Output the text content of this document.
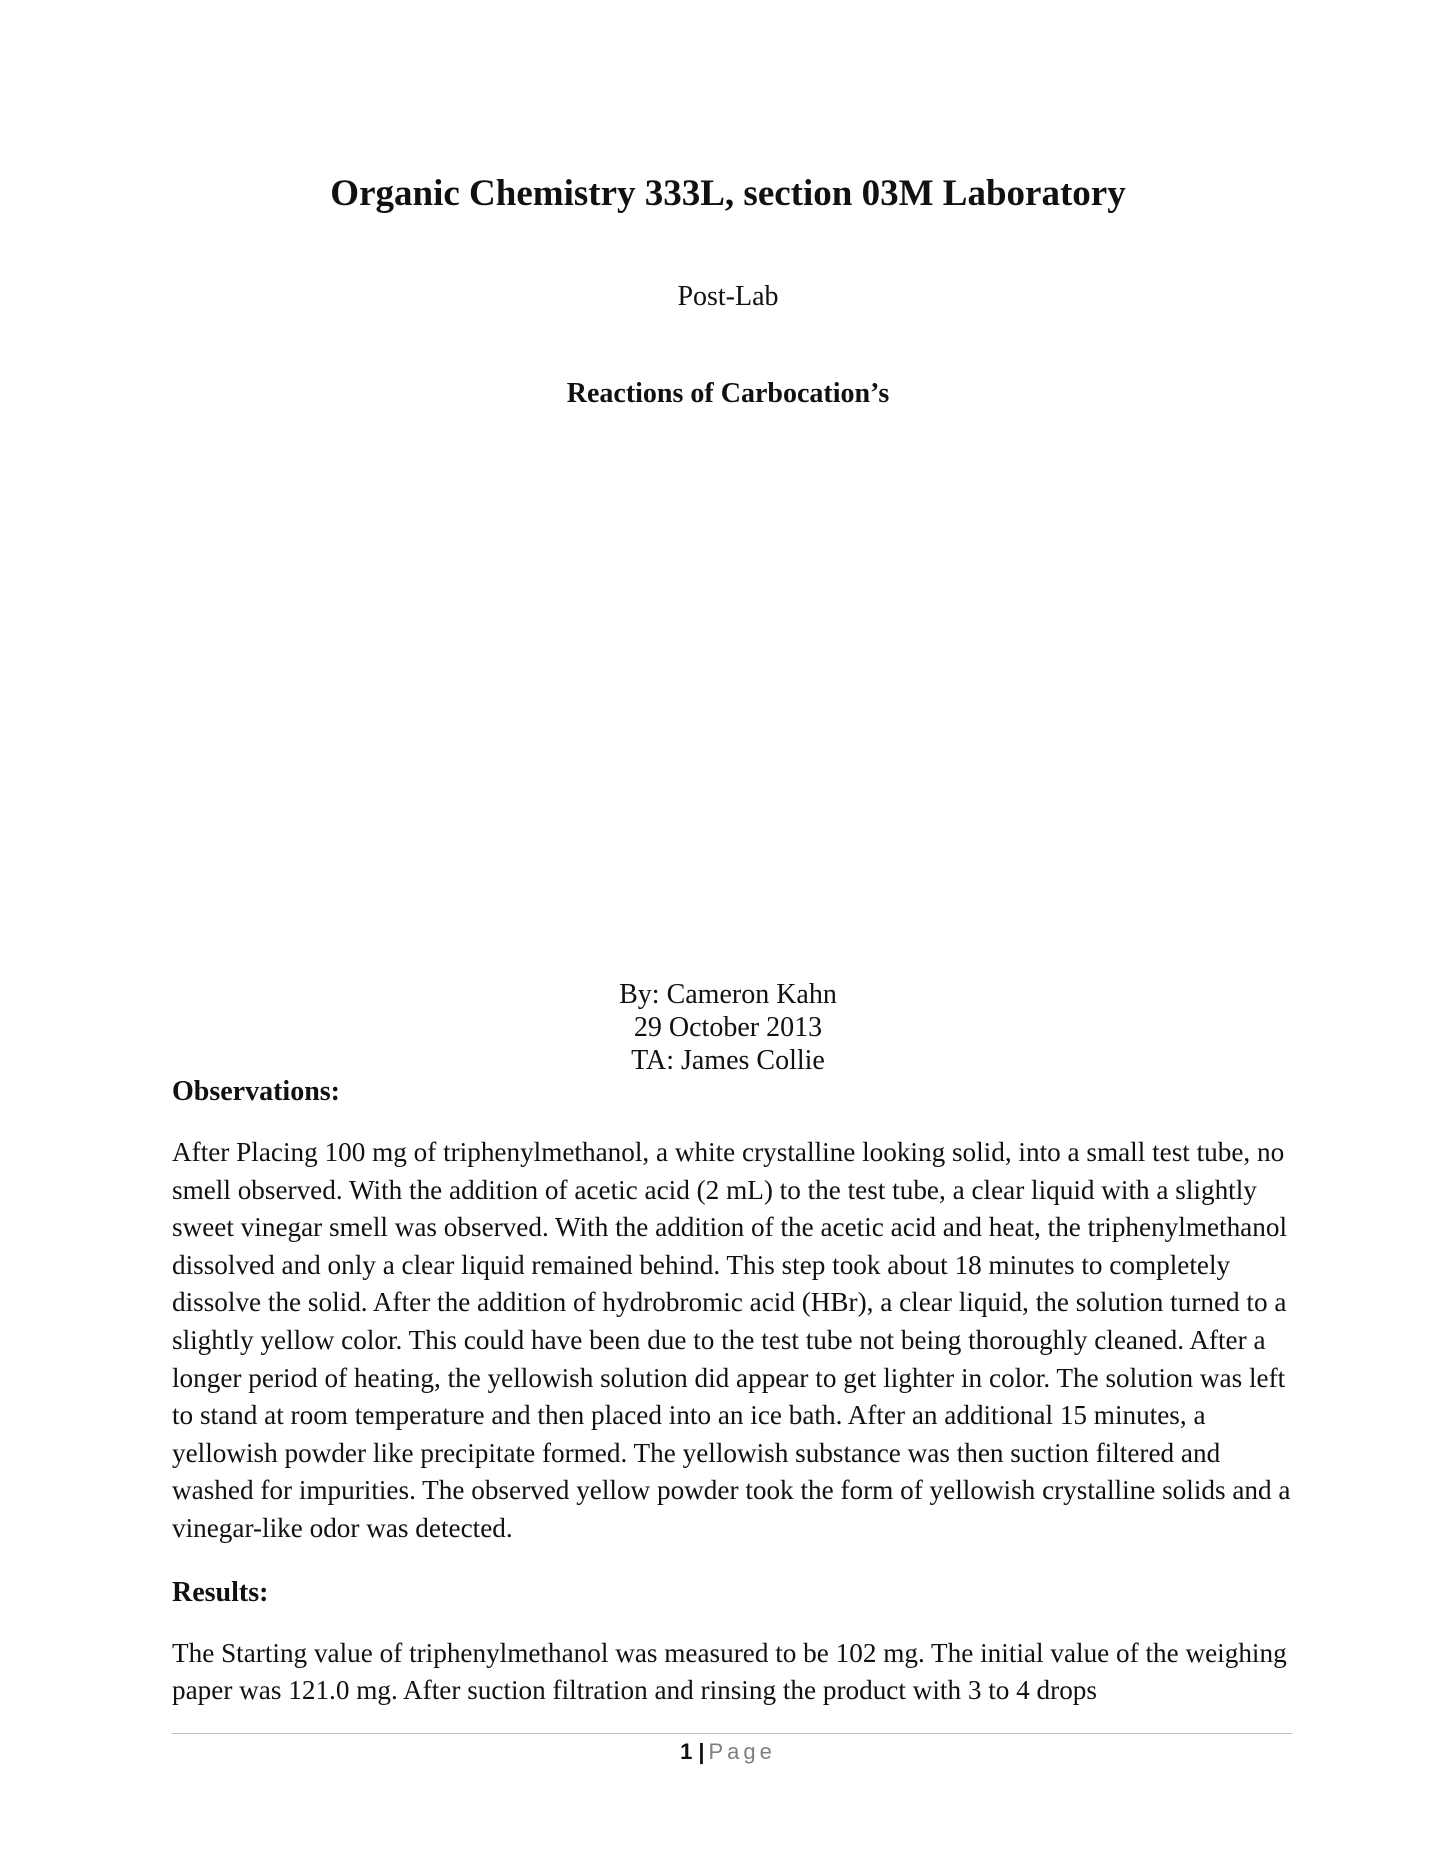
Organic Chemistry 333L, section 03M Laboratory

Post-Lab

Reactions of Carbocation’s

By: Cameron Kahn
29 October 2013
TA: James Collie

Observations:

After Placing 100 mg of triphenylmethanol, a white crystalline looking solid, into a small test tube, no smell observed. With the addition of acetic acid (2 mL) to the test tube, a clear liquid with a slightly sweet vinegar smell was observed. With the addition of the acetic acid and heat, the triphenylmethanol dissolved and only a clear liquid remained behind. This step took about 18 minutes to completely dissolve the solid. After the addition of hydrobromic acid (HBr), a clear liquid, the solution turned to a slightly yellow color. This could have been due to the test tube not being thoroughly cleaned. After a longer period of heating, the yellowish solution did appear to get lighter in color. The solution was left to stand at room temperature and then placed into an ice bath. After an additional 15 minutes, a yellowish powder like precipitate formed. The yellowish substance was then suction filtered and washed for impurities. The observed yellow powder took the form of yellowish crystalline solids and a vinegar-like odor was detected.

Results:

The Starting value of triphenylmethanol was measured to be 102 mg. The initial value of the weighing paper was 121.0 mg. After suction filtration and rinsing the product with 3 to 4 drops

1 | Page
